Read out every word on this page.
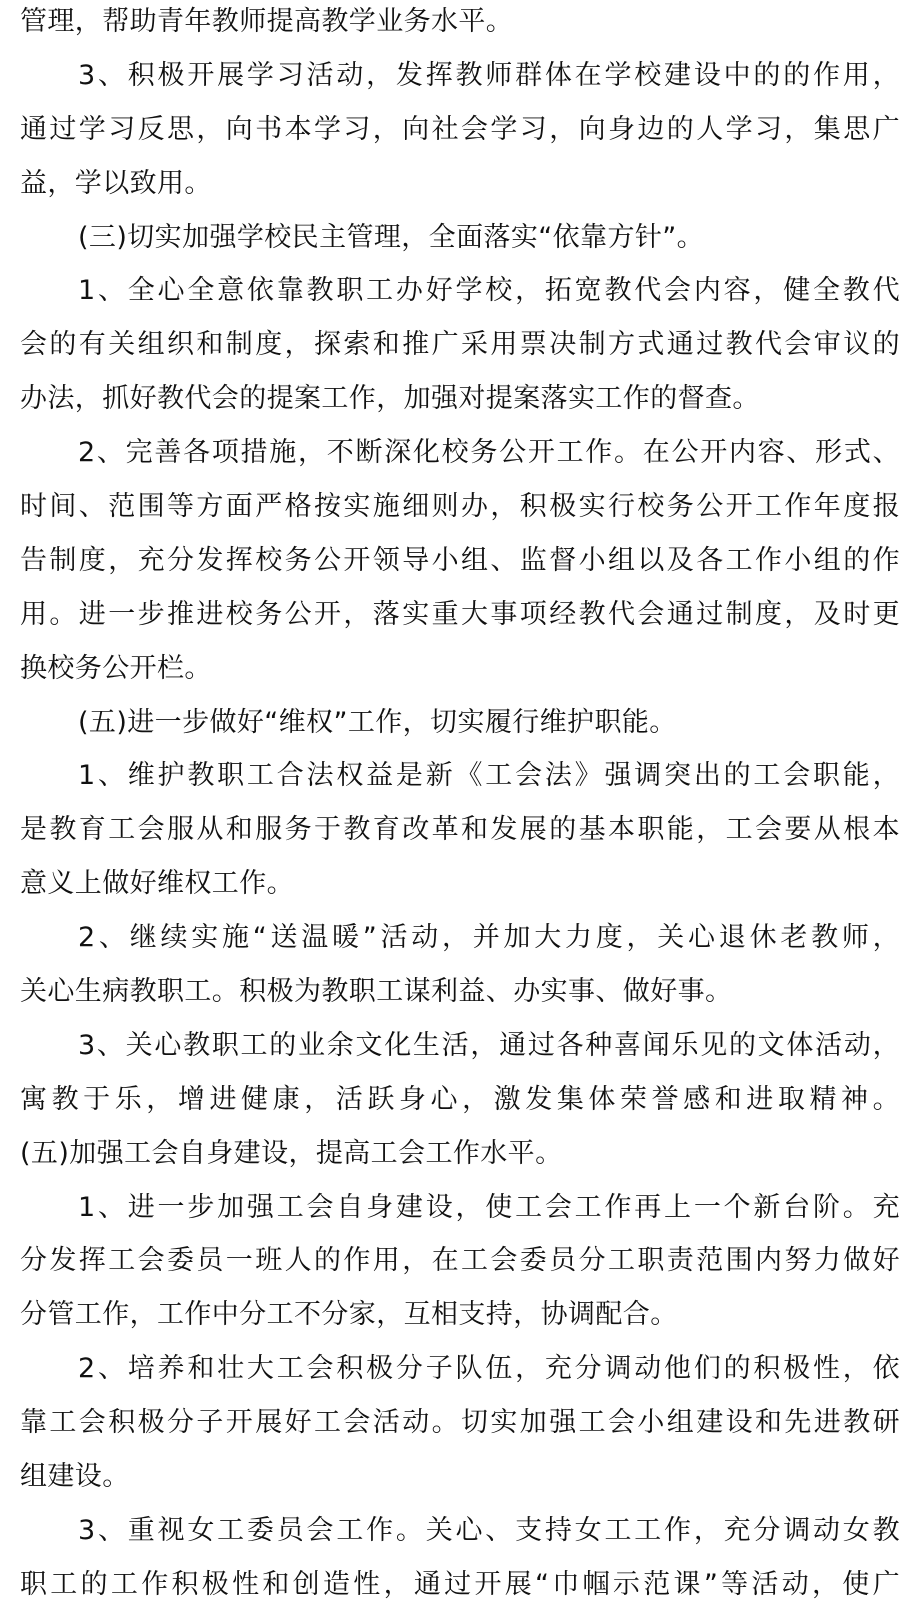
管理，帮助青年教师提高教学业务水平。
3、积极开展学习活动，发挥教师群体在学校建设中的的作用，
通过学习反思，向书本学习，向社会学习，向身边的人学习，集思广
益，学以致用。
(三)切实加强学校民主管理，全面落实“依靠方针”。
1、全心全意依靠教职工办好学校，拓宽教代会内容，健全教代
会的有关组织和制度，探索和推广采用票决制方式通过教代会审议的
办法，抓好教代会的提案工作，加强对提案落实工作的督查。
2、完善各项措施，不断深化校务公开工作。在公开内容、形式、
时间、范围等方面严格按实施细则办，积极实行校务公开工作年度报
告制度，充分发挥校务公开领导小组、监督小组以及各工作小组的作
用。进一步推进校务公开，落实重大事项经教代会通过制度，及时更
换校务公开栏。
(五)进一步做好“维权”工作，切实履行维护职能。
1、维护教职工合法权益是新《工会法》强调突出的工会职能，
是教育工会服从和服务于教育改革和发展的基本职能，工会要从根本
意义上做好维权工作。
2、继续实施“送温暖”活动，并加大力度，关心退休老教师，
关心生病教职工。积极为教职工谋利益、办实事、做好事。
3、关心教职工的业余文化生活，通过各种喜闻乐见的文体活动，
寓教于乐，增进健康，活跃身心，激发集体荣誉感和进取精神。
(五)加强工会自身建设，提高工会工作水平。
1、进一步加强工会自身建设，使工会工作再上一个新台阶。充
分发挥工会委员一班人的作用，在工会委员分工职责范围内努力做好
分管工作，工作中分工不分家，互相支持，协调配合。
2、培养和壮大工会积极分子队伍，充分调动他们的积极性，依
靠工会积极分子开展好工会活动。切实加强工会小组建设和先进教研
组建设。
3、重视女工委员会工作。关心、支持女工工作，充分调动女教
职工的工作积极性和创造性，通过开展“巾帼示范课”等活动，使广
